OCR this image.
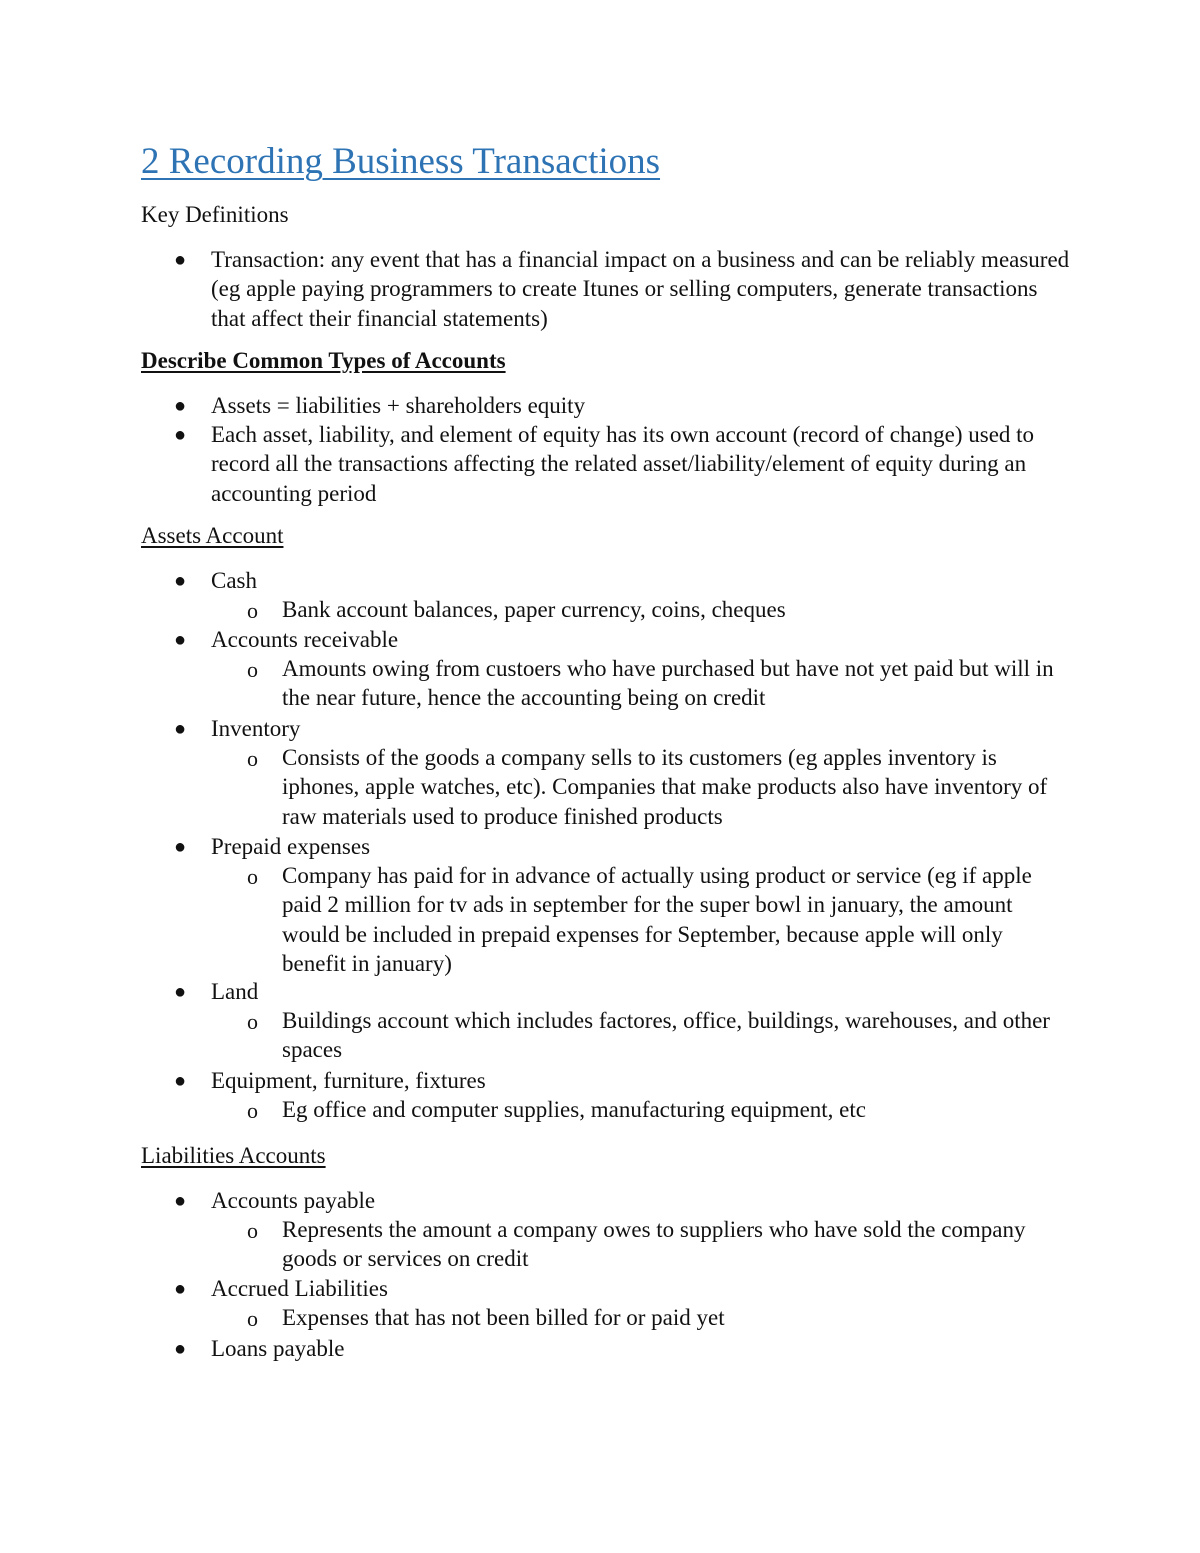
2 Recording Business Transactions

Key Definitions

● Transaction: any event that has a financial impact on a business and can be reliably measured (eg apple paying programmers to create Itunes or selling computers, generate transactions that affect their financial statements)

Describe Common Types of Accounts

● Assets = liabilities + shareholders equity

● Each asset, liability, and element of equity has its own account (record of change) used to record all the transactions affecting the related asset/liability/element of equity during an accounting period

Assets Account

● Cash

o Bank account balances, paper currency, coins, cheques

● Accounts receivable

o Amounts owing from custoers who have purchased but have not yet paid but will in the near future, hence the accounting being on credit

● Inventory

o Consists of the goods a company sells to its customers (eg apples inventory is iphones, apple watches, etc). Companies that make products also have inventory of raw materials used to produce finished products

● Prepaid expenses

o Company has paid for in advance of actually using product or service (eg if apple paid 2 million for tv ads in september for the super bowl in january, the amount would be included in prepaid expenses for September, because apple will only benefit in january)

● Land

o Buildings account which includes factores, office, buildings, warehouses, and other spaces

● Equipment, furniture, fixtures

o Eg office and computer supplies, manufacturing equipment, etc

Liabilities Accounts

● Accounts payable

o Represents the amount a company owes to suppliers who have sold the company goods or services on credit

● Accrued Liabilities

o Expenses that has not been billed for or paid yet

● Loans payable
